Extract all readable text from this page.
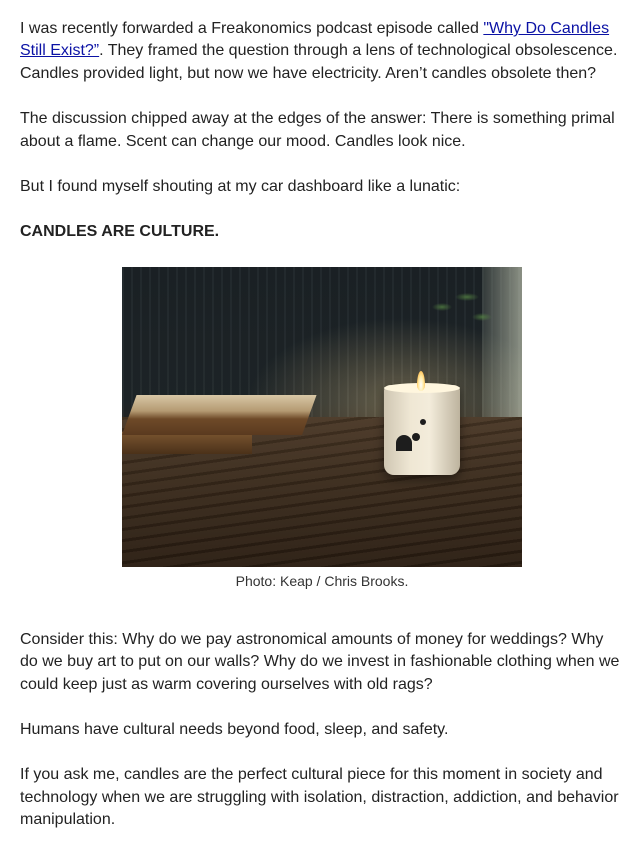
I was recently forwarded a Freakonomics podcast episode called "Why Do Candles Still Exist?”. They framed the question through a lens of technological obsolescence. Candles provided light, but now we have electricity. Aren’t candles obsolete then?

The discussion chipped away at the edges of the answer: There is something primal about a flame. Scent can change our mood. Candles look nice.

But I found myself shouting at my car dashboard like a lunatic:

CANDLES ARE CULTURE.

Photo: Keap / Chris Brooks.

Consider this: Why do we pay astronomical amounts of money for weddings? Why do we buy art to put on our walls? Why do we invest in fashionable clothing when we could keep just as warm covering ourselves with old rags?

Humans have cultural needs beyond food, sleep, and safety.

If you ask me, candles are the perfect cultural piece for this moment in society and technology when we are struggling with isolation, distraction, addiction, and behavior manipulation.
